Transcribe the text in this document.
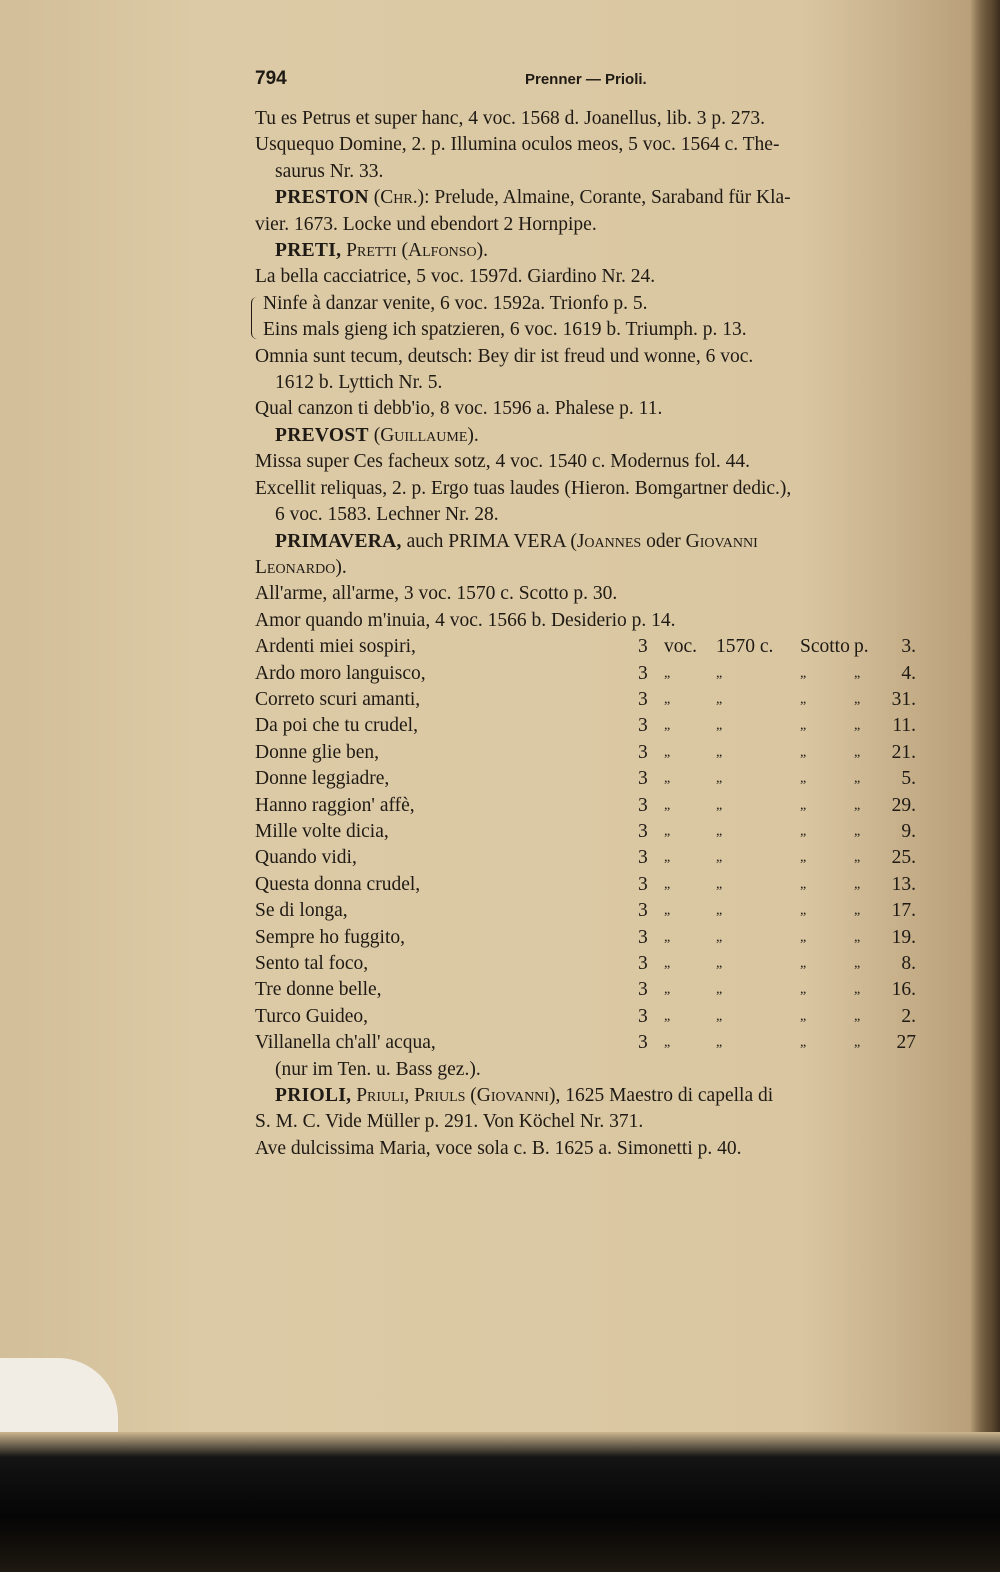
794	Prenner — Prioli.
Tu es Petrus et super hanc, 4 voc. 1568 d. Joanellus, lib. 3 p. 273.
Usquequo Domine, 2. p. Illumina oculos meos, 5 voc. 1564 c. The-
saurus Nr. 33.
PRESTON (Chr.): Prelude, Almaine, Corante, Saraband für Kla-
vier. 1673. Locke und ebendort 2 Hornpipe.
PRETI, Pretti (Alfonso).
La bella cacciatrice, 5 voc. 1597d. Giardino Nr. 24.
Ninfe à danzar venite, 6 voc. 1592a. Trionfo p. 5.
Eins mals gieng ich spatzieren, 6 voc. 1619 b. Triumph. p. 13.
Omnia sunt tecum, deutsch: Bey dir ist freud und wonne, 6 voc.
1612 b. Lyttich Nr. 5.
Qual canzon ti debb'io, 8 voc. 1596 a. Phalese p. 11.
PREVOST (Guillaume).
Missa super Ces facheux sotz, 4 voc. 1540 c. Modernus fol. 44.
Excellit reliquas, 2. p. Ergo tuas laudes (Hieron. Bomgartner dedic.),
6 voc. 1583. Lechner Nr. 28.
PRIMAVERA, auch PRIMA VERA (Joannes oder Giovanni
Leonardo).
All'arme, all'arme, 3 voc. 1570 c. Scotto p. 30.
Amor quando m'inuia, 4 voc. 1566 b. Desiderio p. 14.
Ardenti miei sospiri,	3	voc.	1570 c.	Scotto	p.	3.
Ardo moro languisco,	3	„	„	„	„	4.
Correto scuri amanti,	3	„	„	„	„	31.
Da poi che tu crudel,	3	„	„	„	„	11.
Donne glie ben,	3	„	„	„	„	21.
Donne leggiadre,	3	„	„	„	„	5.
Hanno raggion' affè,	3	„	„	„	„	29.
Mille volte dicia,	3	„	„	„	„	9.
Quando vidi,	3	„	„	„	„	25.
Questa donna crudel,	3	„	„	„	„	13.
Se di longa,	3	„	„	„	„	17.
Sempre ho fuggito,	3	„	„	„	„	19.
Sento tal foco,	3	„	„	„	„	8.
Tre donne belle,	3	„	„	„	„	16.
Turco Guideo,	3	„	„	„	„	2.
Villanella ch'all' acqua,	3	„	„	„	„	27
(nur im Ten. u. Bass gez.).
PRIOLI, Priuli, Priuls (Giovanni), 1625 Maestro di capella di
S. M. C. Vide Müller p. 291. Von Köchel Nr. 371.
Ave dulcissima Maria, voce sola c. B. 1625 a. Simonetti p. 40.
